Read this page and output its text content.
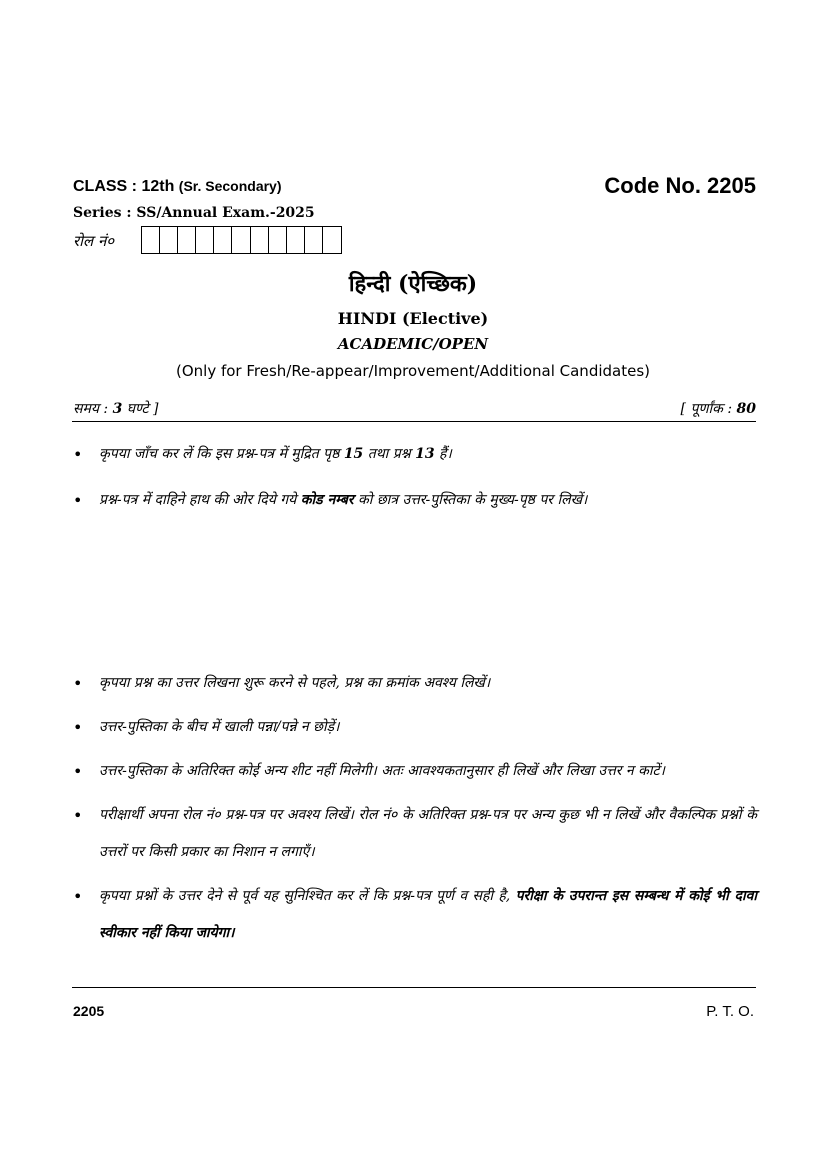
CLASS : 12th (Sr. Secondary)	Code No. 2205
Series : SS/Annual Exam.-2025
रोल नं०
हिन्दी (ऐच्छिक)
HINDI (Elective)
ACADEMIC/OPEN
(Only for Fresh/Re-appear/Improvement/Additional Candidates)
समय : 3 घण्टे ]	[ पूर्णांक : 80
• कृपया जाँच कर लें कि इस प्रश्न-पत्र में मुद्रित पृष्ठ 15 तथा प्रश्न 13 हैं।
• प्रश्न-पत्र में दाहिने हाथ की ओर दिये गये कोड नम्बर को छात्र उत्तर-पुस्तिका के मुख्य-पृष्ठ पर लिखें।
• कृपया प्रश्न का उत्तर लिखना शुरू करने से पहले, प्रश्न का क्रमांक अवश्य लिखें।
• उत्तर-पुस्तिका के बीच में खाली पन्ना/पन्ने न छोड़ें।
• उत्तर-पुस्तिका के अतिरिक्त कोई अन्य शीट नहीं मिलेगी। अतः आवश्यकतानुसार ही लिखें और लिखा उत्तर न काटें।
• परीक्षार्थी अपना रोल नं० प्रश्न-पत्र पर अवश्य लिखें। रोल नं० के अतिरिक्त प्रश्न-पत्र पर अन्य कुछ भी न लिखें और वैकल्पिक प्रश्नों के उत्तरों पर किसी प्रकार का निशान न लगाएँ।
• कृपया प्रश्नों के उत्तर देने से पूर्व यह सुनिश्चित कर लें कि प्रश्न-पत्र पूर्ण व सही है, परीक्षा के उपरान्त इस सम्बन्ध में कोई भी दावा स्वीकार नहीं किया जायेगा।
2205	P. T. O.
